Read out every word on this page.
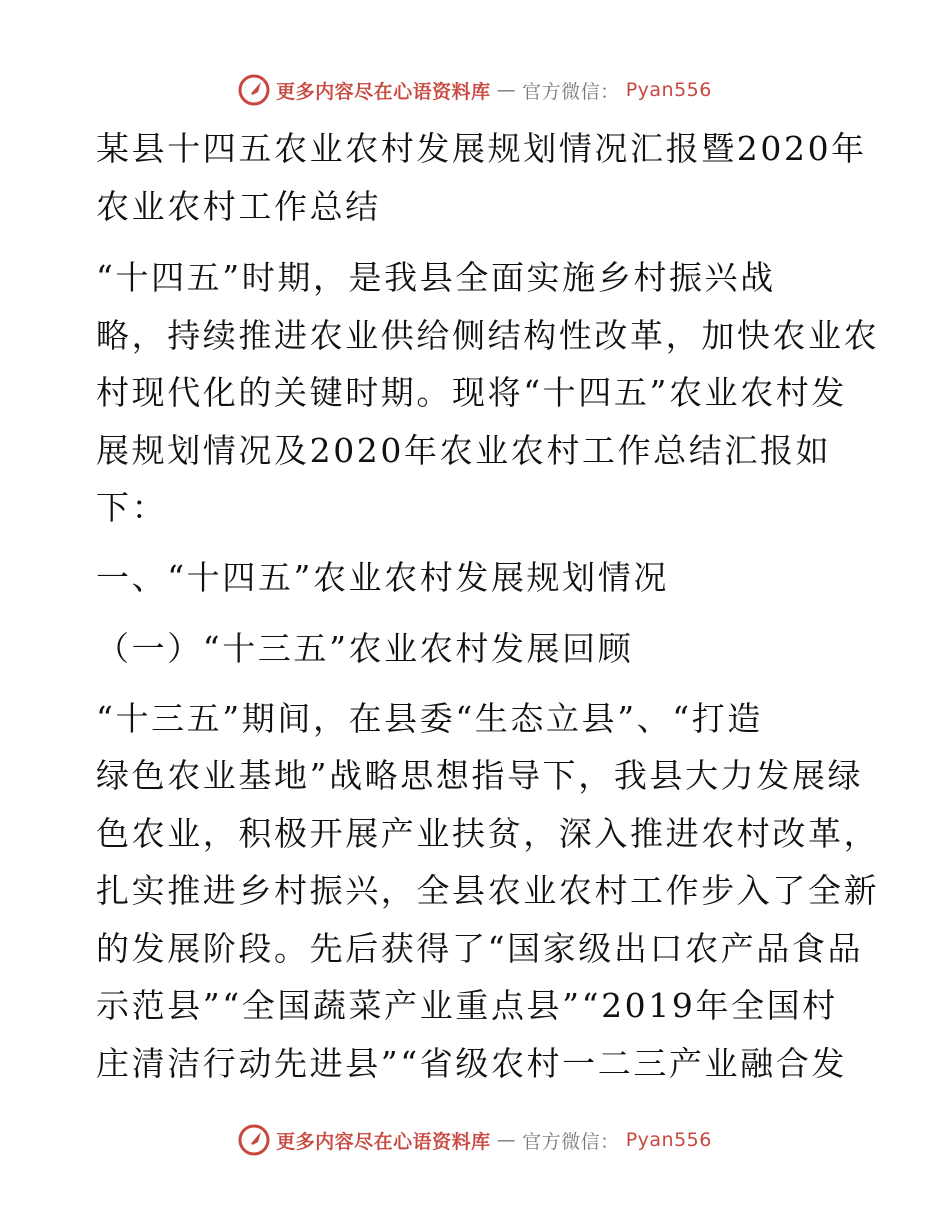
更多内容尽在心语资料库 — 官方微信： Pyan556

某县十四五农业农村发展规划情况汇报暨2020年
农业农村工作总结

“十四五”时期，是我县全面实施乡村振兴战
略，持续推进农业供给侧结构性改革，加快农业农
村现代化的关键时期。现将“十四五”农业农村发
展规划情况及2020年农业农村工作总结汇报如
下：

一、“十四五”农业农村发展规划情况

（一）“十三五”农业农村发展回顾

“十三五”期间，在县委“生态立县”、“打造
绿色农业基地”战略思想指导下，我县大力发展绿
色农业，积极开展产业扶贫，深入推进农村改革，
扎实推进乡村振兴，全县农业农村工作步入了全新
的发展阶段。先后获得了“国家级出口农产品食品
示范县”“全国蔬菜产业重点县”“2019年全国村
庄清洁行动先进县”“省级农村一二三产业融合发

更多内容尽在心语资料库 — 官方微信： Pyan556
